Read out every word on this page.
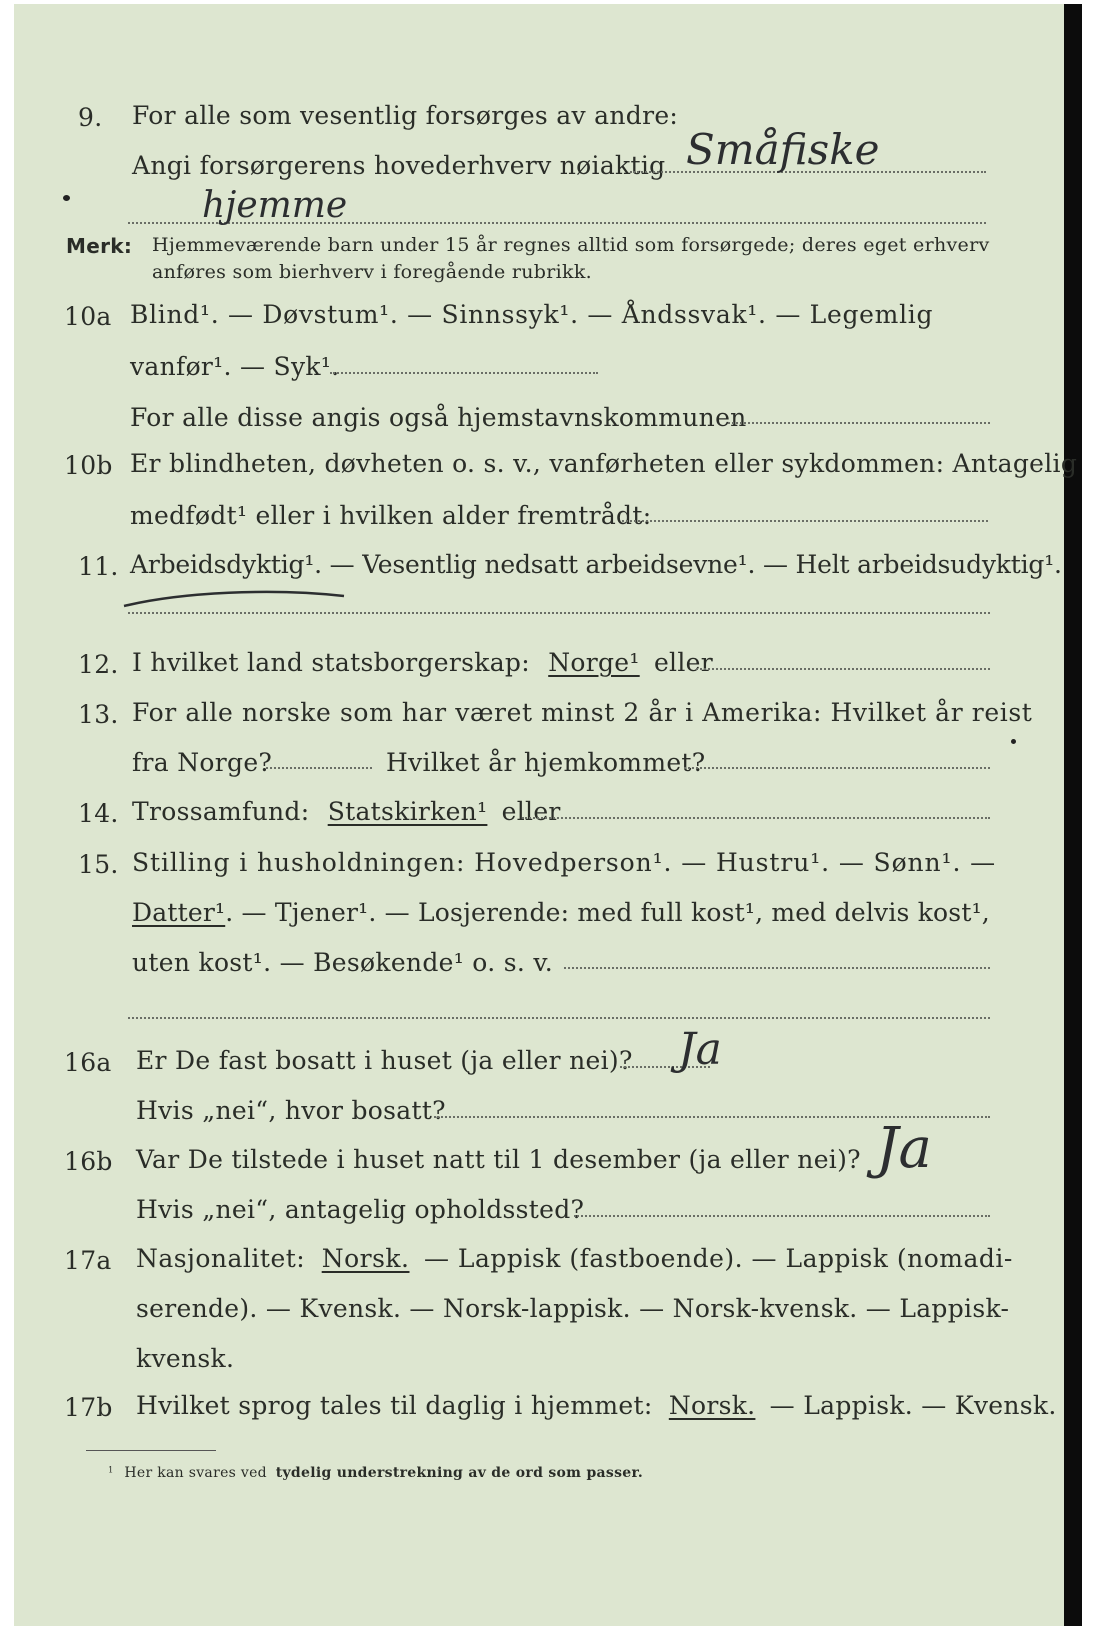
9. For alle som vesentlig forsørges av andre:
Angi forsørgerens hovederhverv nøiaktig Småfiske
hjemme
Merk: Hjemmeværende barn under 15 år regnes alltid som forsørgede; deres eget erhverv
anføres som bierhverv i foregående rubrikk.
10a Blind¹. — Døvstum¹. — Sinnssyk¹. — Åndssvak¹. — Legemlig
vanfør¹. — Syk¹.
For alle disse angis også hjemstavnskommunen
10b Er blindheten, døvheten o. s. v., vanførheten eller sykdommen: Antagelig
medfødt¹ eller i hvilken alder fremtrådt:
11. Arbeidsdyktig¹. — Vesentlig nedsatt arbeidsevne¹. — Helt arbeidsudyktig¹.
12. I hvilket land statsborgerskap: Norge¹ eller
13. For alle norske som har været minst 2 år i Amerika: Hvilket år reist
fra Norge?	Hvilket år hjemkommet?
14. Trossamfund: Statskirken¹ eller
15. Stilling i husholdningen: Hovedperson¹. — Hustru¹. — Sønn¹. —
Datter¹. — Tjener¹. — Losjerende: med full kost¹, med delvis kost¹,
uten kost¹. — Besøkende¹ o. s. v.
16a Er De fast bosatt i huset (ja eller nei)? Ja
Hvis „nei“, hvor bosatt?
16b Var De tilstede i huset natt til 1 desember (ja eller nei)? Ja
Hvis „nei“, antagelig opholdssted?
17a Nasjonalitet: Norsk. — Lappisk (fastboende). — Lappisk (nomadi-
serende). — Kvensk. — Norsk-lappisk. — Norsk-kvensk. — Lappisk-
kvensk.
17b Hvilket sprog tales til daglig i hjemmet: Norsk. — Lappisk. — Kvensk.
$^1$ Her kan svares ved tydelig understrekning av de ord som passer.
